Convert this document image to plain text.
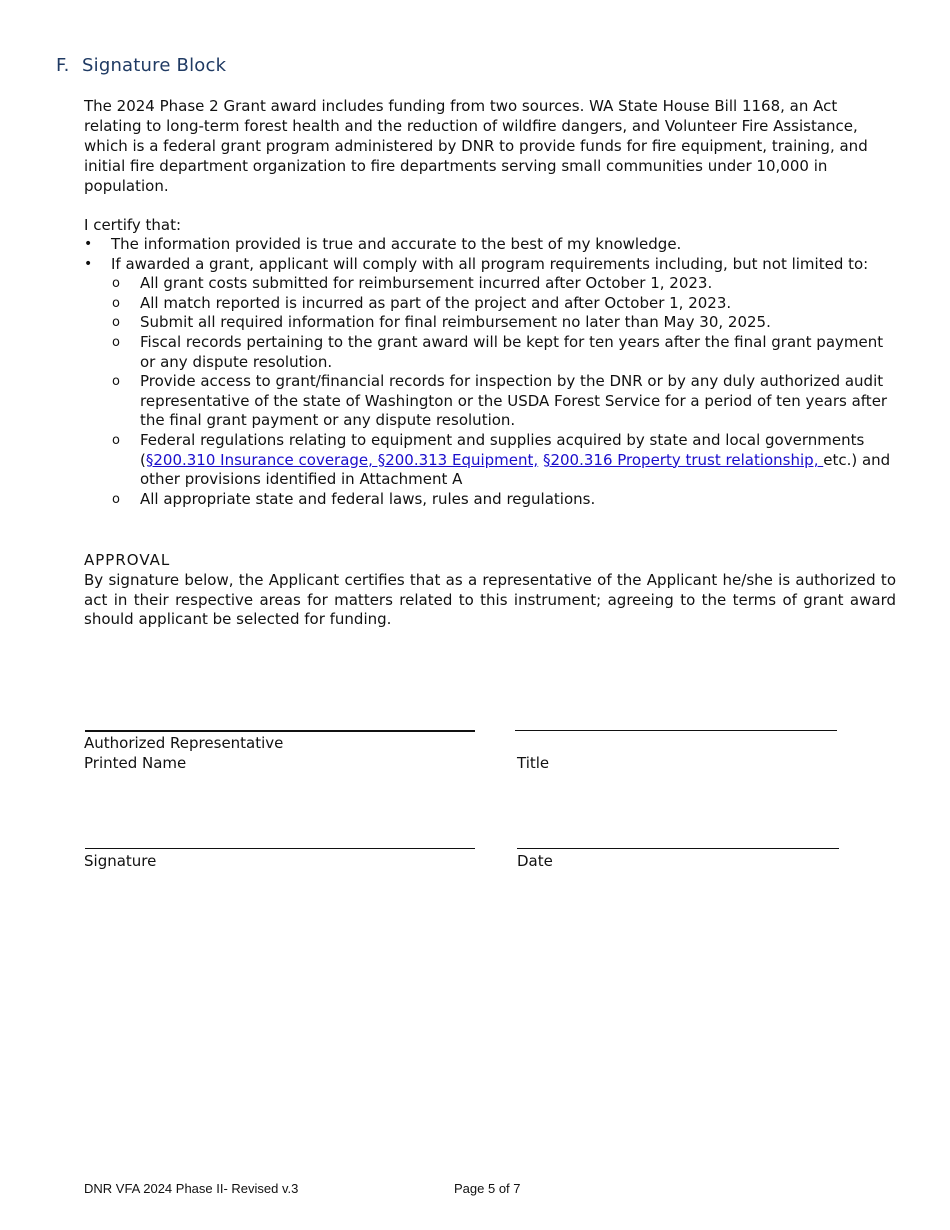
F. Signature Block
The 2024 Phase 2 Grant award includes funding from two sources. WA State House Bill 1168, an Act relating to long-term forest health and the reduction of wildfire dangers, and Volunteer Fire Assistance, which is a federal grant program administered by DNR to provide funds for fire equipment, training, and initial fire department organization to fire departments serving small communities under 10,000 in population.
I certify that:
• The information provided is true and accurate to the best of my knowledge.
• If awarded a grant, applicant will comply with all program requirements including, but not limited to:
o All grant costs submitted for reimbursement incurred after October 1, 2023.
o All match reported is incurred as part of the project and after October 1, 2023.
o Submit all required information for final reimbursement no later than May 30, 2025.
o Fiscal records pertaining to the grant award will be kept for ten years after the final grant payment or any dispute resolution.
o Provide access to grant/financial records for inspection by the DNR or by any duly authorized audit representative of the state of Washington or the USDA Forest Service for a period of ten years after the final grant payment or any dispute resolution.
o Federal regulations relating to equipment and supplies acquired by state and local governments (§200.310 Insurance coverage, §200.313 Equipment, §200.316 Property trust relationship, etc.) and other provisions identified in Attachment A
o All appropriate state and federal laws, rules and regulations.
APPROVAL
By signature below, the Applicant certifies that as a representative of the Applicant he/she is authorized to act in their respective areas for matters related to this instrument; agreeing to the terms of grant award should applicant be selected for funding.
Authorized Representative
Printed Name	Title
Signature	Date
DNR VFA 2024 Phase II- Revised v.3	Page 5 of 7
